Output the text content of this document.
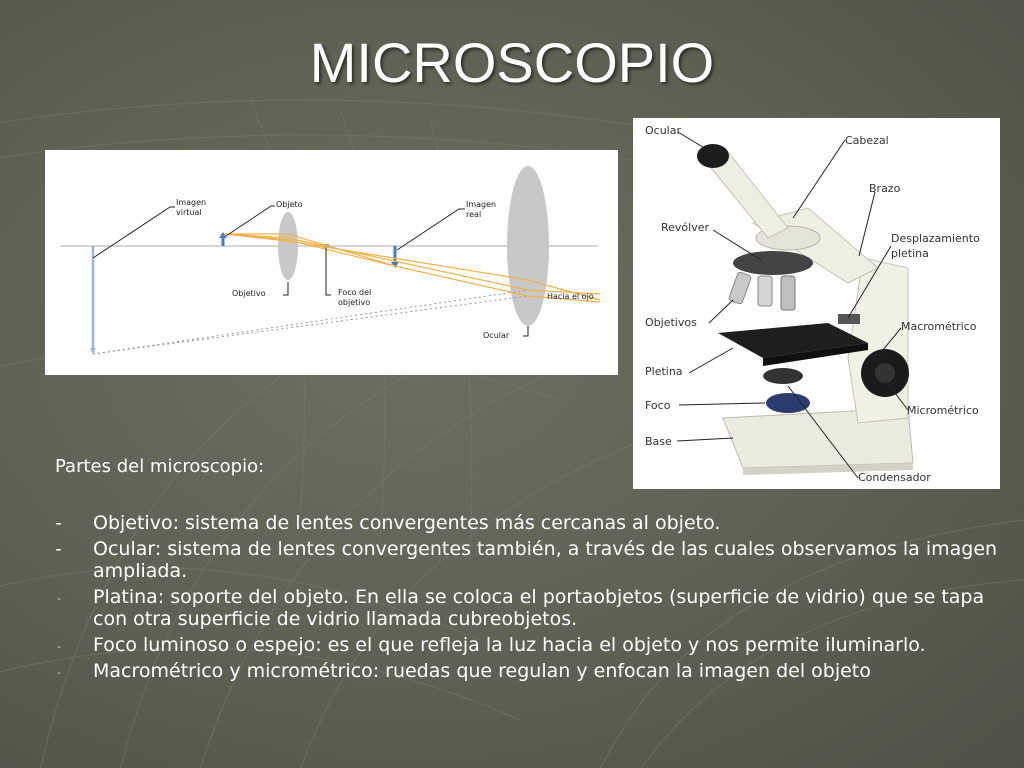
MICROSCOPIO
Imagen
virtual
Objeto	Imagen
real
Objetivo	Foco del
objetivo
Hacia el ojo
Ocular
Ocular
Cabezal
Brazo
Revólver
Desplazamiento
pletina
Objetivos	Macrométrico
Pletina
Foco	Micrométrico
Base
Condensador
Partes del microscopio:
- Objetivo: sistema de lentes convergentes más cercanas al objeto.
- Ocular: sistema de lentes convergentes también, a través de las cuales observamos la imagen ampliada.
- Platina: soporte del objeto. En ella se coloca el portaobjetos (superficie de vidrio) que se tapa con otra superficie de vidrio llamada cubreobjetos.
- Foco luminoso o espejo: es el que refleja la luz hacia el objeto y nos permite iluminarlo.
- Macrométrico y micrométrico: ruedas que regulan y enfocan la imagen del objeto
